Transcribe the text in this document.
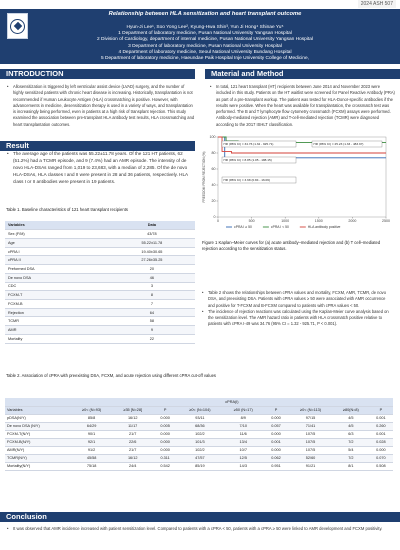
2024 ASH 507
Relationship between HLA sensitization and heart transplant outcome
Hyun-Ji Lee¹, Soo Yong Lee², Kyung-Hwa Shin³, Yun Ji Hong⁴ Shinae Yu⁵
1 Department of laboratory medicine, Pusan National University Yangsan Hospital
2 Division of Cardiology, department of internal medicine, Pusan National University Yangsan Hospital
3 Department of laboratory medicine, Pusan National University Hospital
4 Department of laboratory medicine, Seoul National University Bundang Hospital
5 Department of laboratory medicine, Haeundae Paik Hospital Inje University College of Medicine,
INTRODUCTION	Material and Method
• Allosensitization is triggered by left ventricular assist device (LVAD) surgery, and the number of highly sensitized patients with chronic heart disease is increasing. Historically, transplantation is not recommended if Human Leukocyte Antigen (HLA) crossmatching is positive. However, with advancements in medicine, desensitization therapy is used in a variety of ways, and transplantation is increasingly being performed, even in patients at a high risk of transplant rejection. This study examined the association between pre-transplant HLA antibody test results, HLA crossmatching and heart transplantation outcomes.
• In total, 121 heart transplant (HT) recipients between June 2014 and November 2023 were included in this study. Patients on the HT waitlist were screened for Panel Reactive Antibody (PRA) as part of a pre-transplant workup. The patient was tested for HLA-Donor-specific antibodies if the results were positive. When the heart was available for transplantation, the crossmatch test was performed. The B and T lymphocyte flow cytometry crossmatch (FCXM) assays were performed. Antibody-mediated rejection (AMR) and T-cell-mediated rejection (TCMR) were diagnosed according to the 2017 ISHLT classification.
Result
• The average age of the patients was 55.22±11.78 years. Of the 121 HT patients, 62 (51.2%) had a TCMR episode, and 9 (7.4%) had an AMR episode. The intensity of de novo HLA-DSAs ranged from 1,019 to 23,683, with a median of 2,285. Of the de novo HLA-DSAs, HLA classes I and II were present in 28 and 36 patients, respectively. HLA class I or II antibodies were present in 19 patients.
Table 1. Baseline characteristics of 121 heart transplant recipients
Variables	Data
Sex (F/M)	43/78
Age	55.22±11.78
cPRA I	19.40±30.65
cPRA II	27.26±35.25
Preformed DSA	20
De novo DSA	46
CDC	3
FCXM-T	8
FCXM-B	7
Rejection	64
TCMR	58
AMR	9
Mortality	22
0
20
40
60
80
100
0	500	1000	1500	2000	2500
FREEDOM FROM REJECTION (%)
HR (95% CI) = 34.76 (1.32 - 925.71)
HR (95% CI) = 8.85 (1.05 - 188.15)
HR (95% CI) = 3.68 (0.84 - 16.06)
HR (95% CI) = 25.23 (1.33 - 483.97)
cPRA I ≥ 50	cPRA I < 50	HLA antibody positive
Figure 1 Kaplan–Meier curves for (a) acute antibody–mediated rejection and (b) T cell–mediated rejection according to the sensitization status.
• Table 2 shows the relationships between cPRA values and mortality, FCXM, AMR, TCMR, de novo DSA, and preexisting DSA. Patients with cPRA values ≥ 50 were associated with AMR occurrence and positive for T-FCXM and B-FCXM compared to patients with cPRA values < 50.
• The incidence of rejection reactions was calculated using the Kaplan-Meier curve analysis based on the sensitization level. The AMR hazard ratio in patients with HLA crossmatch positive relative to patients with cPRA I-49 was 34.76 (95% CI = 1.32 - 925.71, P < 0.001).
Table 2. Association of cPRA with preexisting DSA, FCXM, and acute rejection using different cPRA cut-off values
	cPRA(I)								
Variables	≥0< (N=93)	≥35 [N=28]	P	≥0< (N=104)	≥50 (N=17)	P	≥0< (N=113)	≥80(N=8)	P
pDSA(N/Y)	85/8	16/12	0.000	93/11	8/9	0.000	97/15	4/5	0.001
De novo DSA (N/Y)	64/29	11/17	0.005	68/36	7/10	0.057	71/41	4/5	0.260
FCXM-T(N/Y)	90/1	21/7	0.000	102/2	11/6	0.000	107/5	6/3	0.001
FCXM-B(N/Y)	92/1	22/6	0.000	101/3	13/4	0.001	107/5	7/2	0.028
AMR(N/Y)	91/2	21/7	0.000	102/2	10/7	0.000	107/5	5/4	0.000
TCMR(N/Y)	45/58	16/12	0.311	47/57	12/5	0.062	52/60	7/2	0.070
Mortality(N/Y)	75/18	24/4	0.542	85/19	14/3	0.951	91/21	8/1	0.508
Conclusion
• It was observed that AMR incidence increased with patient sensitization level. Compared to patients with a cPRA < 50, patients with a cPRA ≥ 50 were linked to AMR development and FCXM positivity.
